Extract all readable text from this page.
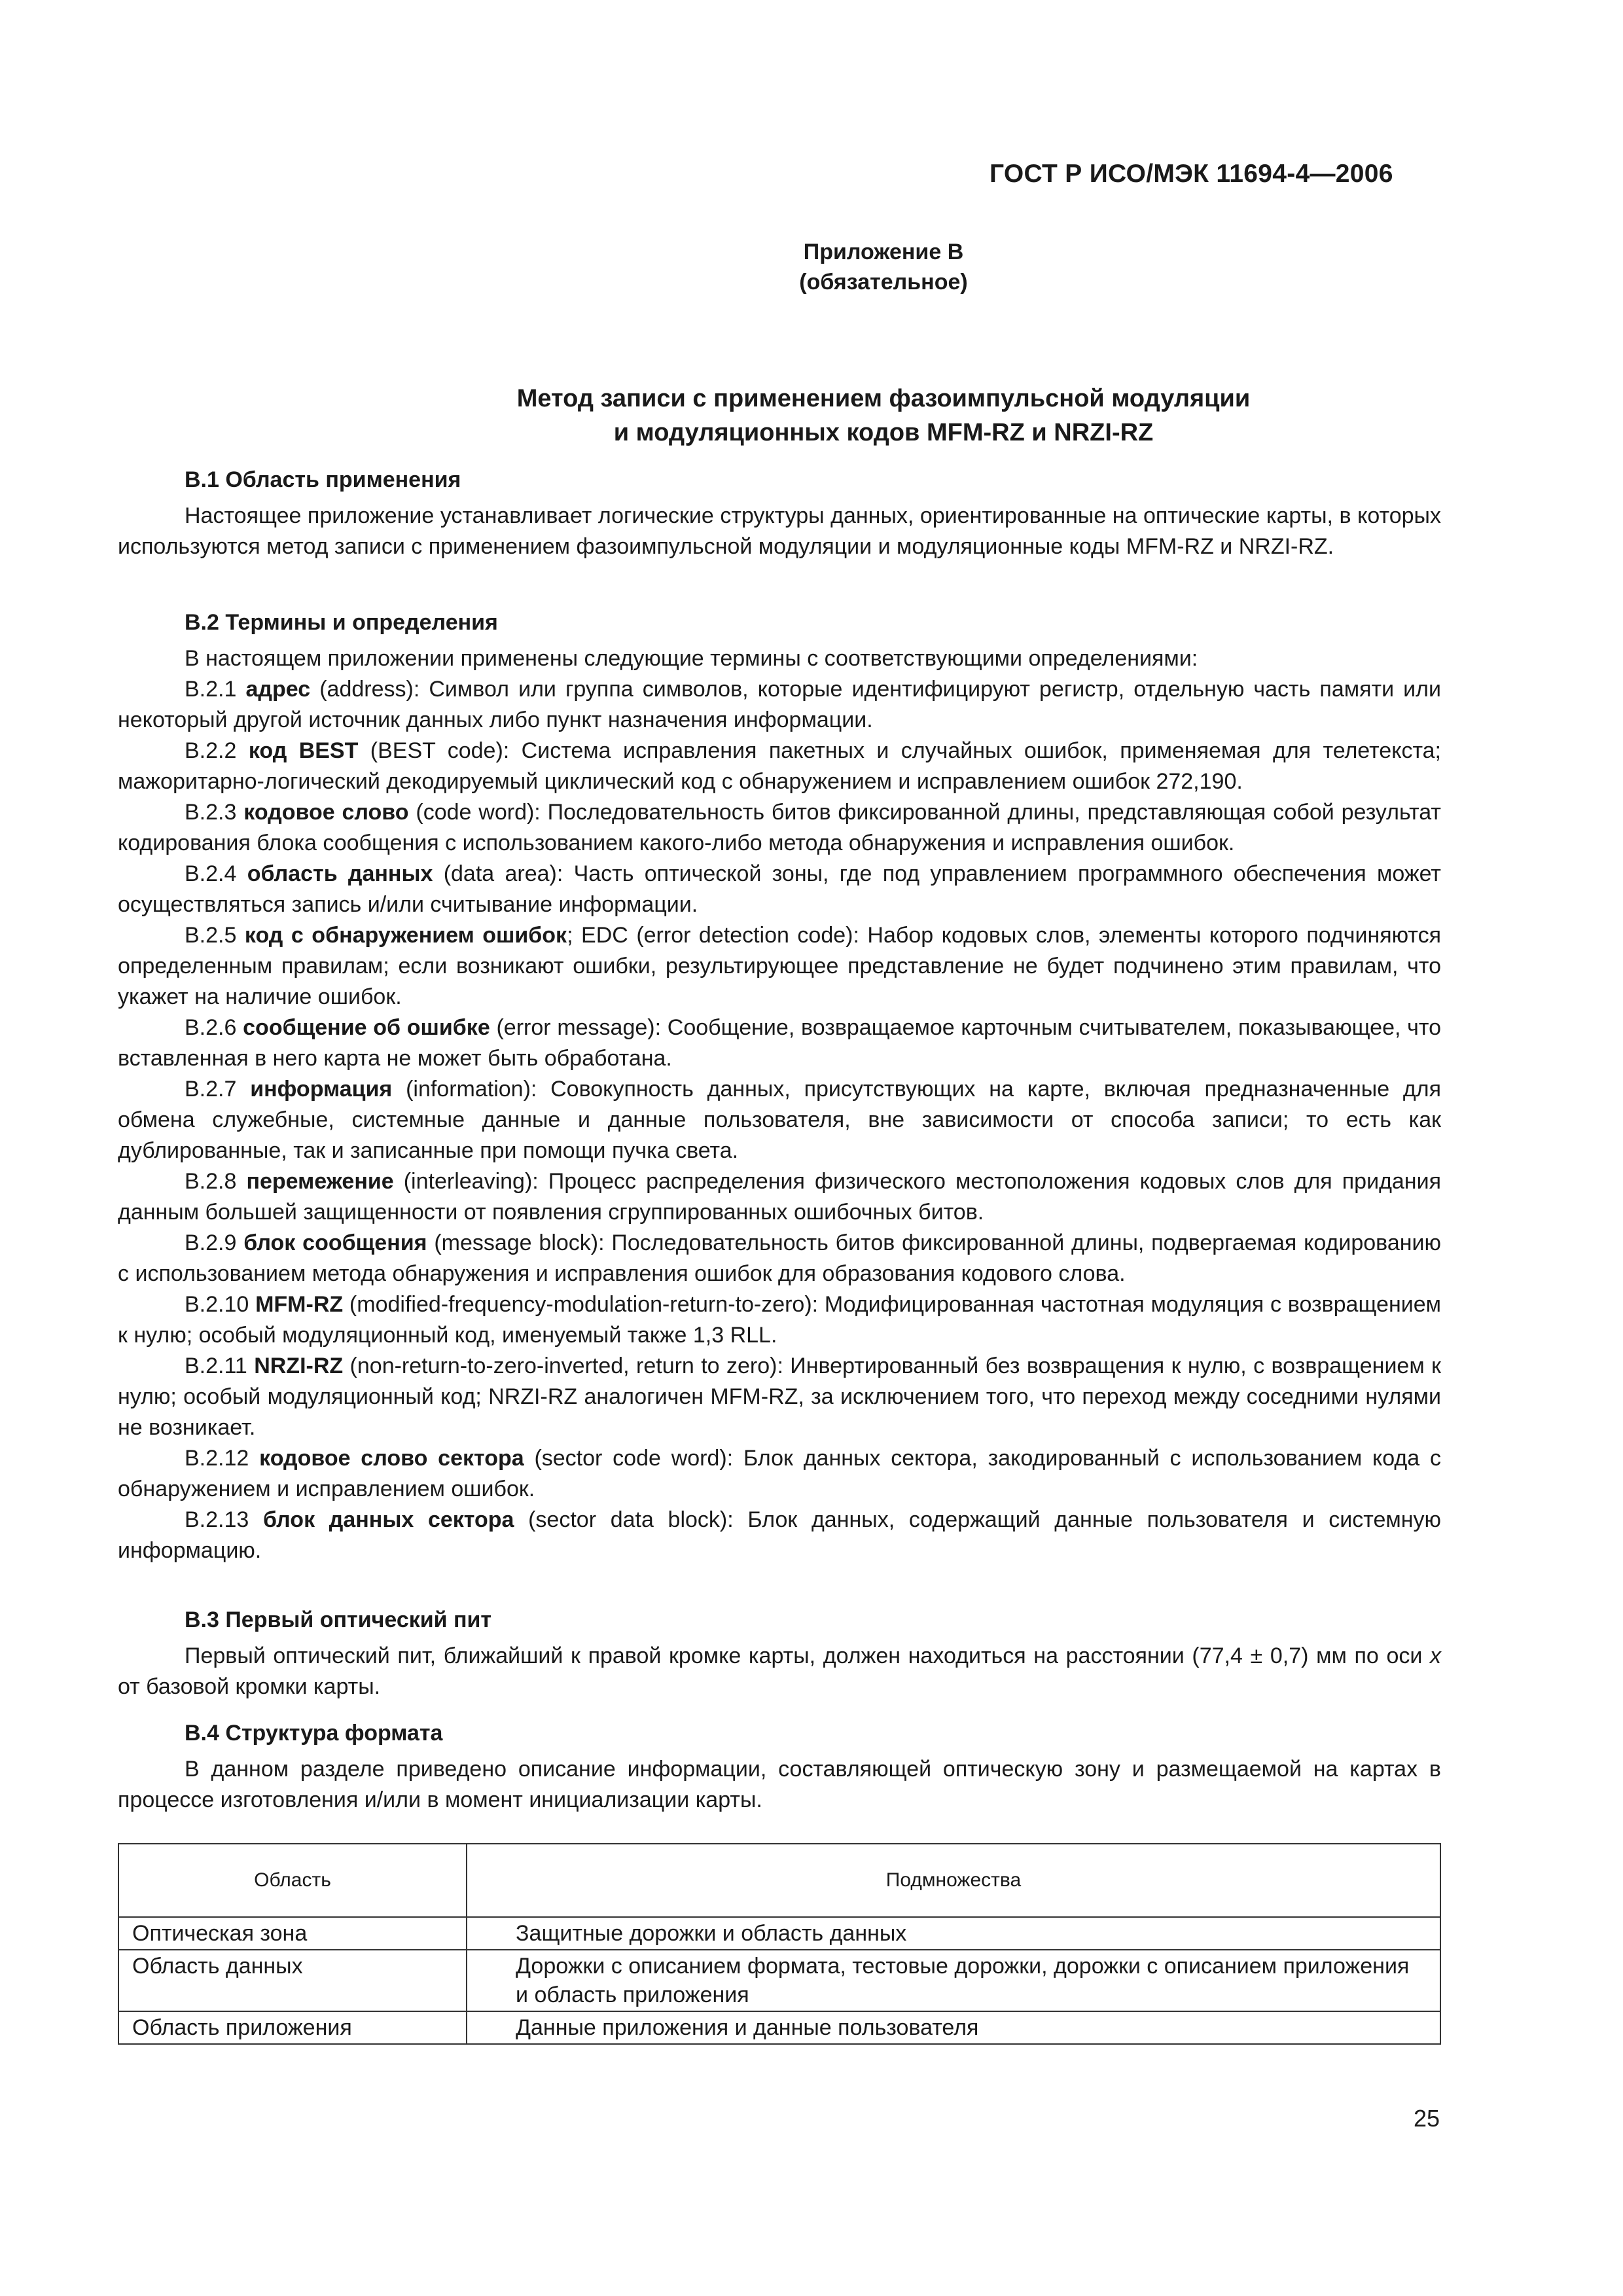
ГОСТ Р ИСО/МЭК 11694-4—2006
Приложение В
(обязательное)
Метод записи с применением фазоимпульсной модуляции
и модуляционных кодов MFM-RZ и NRZI-RZ

В.1 Область применения

Настоящее приложение устанавливает логические структуры данных, ориентированные на оптические карты, в которых используются метод записи с применением фазоимпульсной модуляции и модуляционные коды MFM-RZ и NRZI-RZ.

В.2 Термины и определения

В настоящем приложении применены следующие термины с соответствующими определениями:

В.2.1 адрес (address): Символ или группа символов, которые идентифицируют регистр, отдельную часть памяти или некоторый другой источник данных либо пункт назначения информации.

В.2.2 код BEST (BEST code): Система исправления пакетных и случайных ошибок, применяемая для телетекста; мажоритарно-логический декодируемый циклический код с обнаружением и исправлением ошибок 272,190.

В.2.3 кодовое слово (code word): Последовательность битов фиксированной длины, представляющая собой результат кодирования блока сообщения с использованием какого-либо метода обнаружения и исправления ошибок.

В.2.4 область данных (data area): Часть оптической зоны, где под управлением программного обеспечения может осуществляться запись и/или считывание информации.

В.2.5 код с обнаружением ошибок; EDC (error detection code): Набор кодовых слов, элементы которого подчиняются определенным правилам; если возникают ошибки, результирующее представление не будет подчинено этим правилам, что укажет на наличие ошибок.

В.2.6 сообщение об ошибке (error message): Сообщение, возвращаемое карточным считывателем, показывающее, что вставленная в него карта не может быть обработана.

В.2.7 информация (information): Совокупность данных, присутствующих на карте, включая предназначенные для обмена служебные, системные данные и данные пользователя, вне зависимости от способа записи; то есть как дублированные, так и записанные при помощи пучка света.

В.2.8 перемежение (interleaving): Процесс распределения физического местоположения кодовых слов для придания данным большей защищенности от появления сгруппированных ошибочных битов.

В.2.9 блок сообщения (message block): Последовательность битов фиксированной длины, подвергаемая кодированию с использованием метода обнаружения и исправления ошибок для образования кодового слова.

В.2.10 MFM-RZ (modified-frequency-modulation-return-to-zero): Модифицированная частотная модуляция с возвращением к нулю; особый модуляционный код, именуемый также 1,3 RLL.

В.2.11 NRZI-RZ (non-return-to-zero-inverted, return to zero): Инвертированный без возвращения к нулю, с возвращением к нулю; особый модуляционный код; NRZI-RZ аналогичен MFM-RZ, за исключением того, что переход между соседними нулями не возникает.

В.2.12 кодовое слово сектора (sector code word): Блок данных сектора, закодированный с использованием кода с обнаружением и исправлением ошибок.

В.2.13 блок данных сектора (sector data block): Блок данных, содержащий данные пользователя и системную информацию.

В.3 Первый оптический пит

Первый оптический пит, ближайший к правой кромке карты, должен находиться на расстоянии (77,4 ± 0,7) мм по оси x от базовой кромки карты.

В.4 Структура формата

В данном разделе приведено описание информации, составляющей оптическую зону и размещаемой на картах в процессе изготовления и/или в момент инициализации карты.

Область	Подмножества
Оптическая зона	Защитные дорожки и область данных
Область данных	Дорожки с описанием формата, тестовые дорожки, дорожки с описанием приложения и область приложения
Область приложения	Данные приложения и данные пользователя
25
